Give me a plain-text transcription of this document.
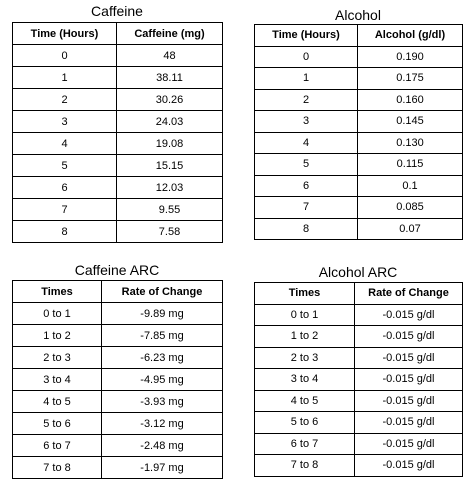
Caffeine
Time (Hours)	Caffeine (mg)
0	48
1	38.11
2	30.26
3	24.03
4	19.08
5	15.15
6	12.03
7	9.55
8	7.58
Alcohol
Time (Hours)	Alcohol (g/dl)
0	0.190
1	0.175
2	0.160
3	0.145
4	0.130
5	0.115
6	0.1
7	0.085
8	0.07
Caffeine ARC
Times	Rate of Change
0 to 1	-9.89 mg
1 to 2	-7.85 mg
2 to 3	-6.23 mg
3 to 4	-4.95 mg
4 to 5	-3.93 mg
5 to 6	-3.12 mg
6 to 7	-2.48 mg
7 to 8	-1.97 mg
Alcohol ARC
Times	Rate of Change
0 to 1	-0.015 g/dl
1 to 2	-0.015 g/dl
2 to 3	-0.015 g/dl
3 to 4	-0.015 g/dl
4 to 5	-0.015 g/dl
5 to 6	-0.015 g/dl
6 to 7	-0.015 g/dl
7 to 8	-0.015 g/dl
